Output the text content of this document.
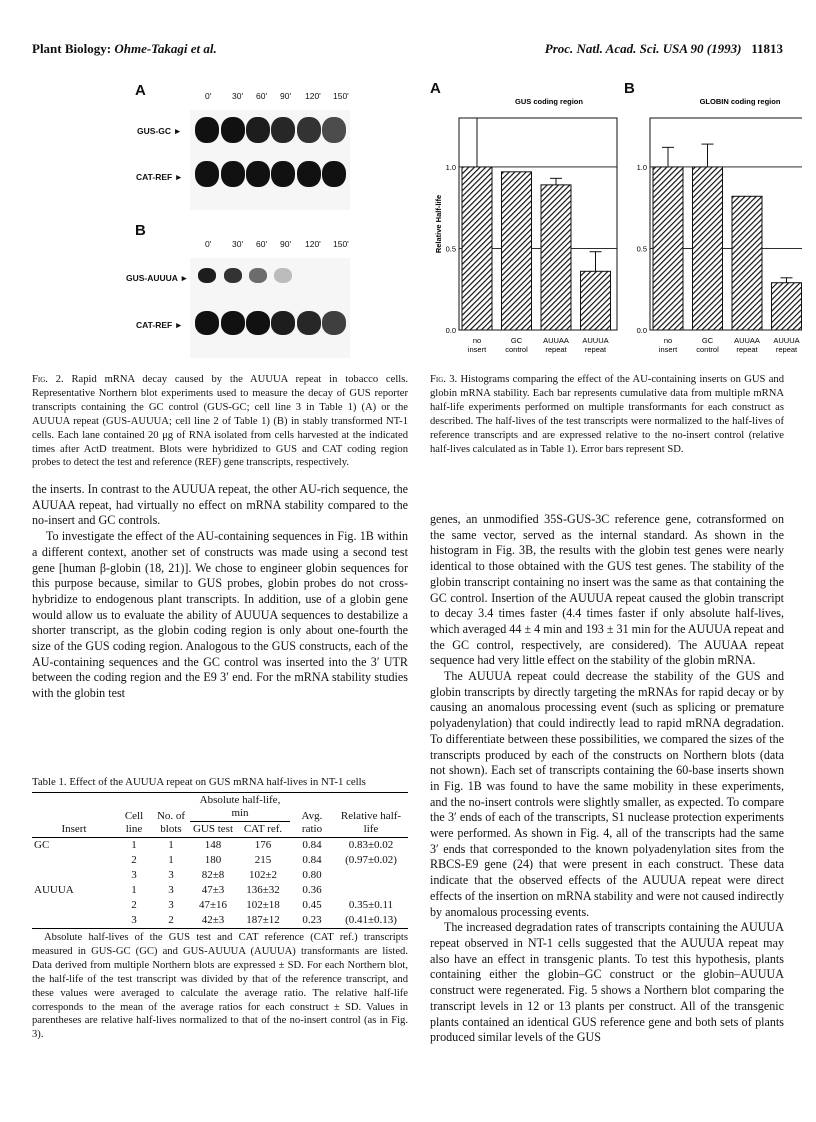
Plant Biology: Ohme-Takagi et al.	Proc. Natl. Acad. Sci. USA 90 (1993) 11813
A	0' 30' 60' 90' 120' 150'
GUS-GC ►
CAT-REF ►
B
0' 30' 60' 90' 120' 150'
GUS-AUUUA ►
CAT-REF ►
Fig. 2. Rapid mRNA decay caused by the AUUUA repeat in tobacco cells. Representative Northern blot experiments used to measure the decay of GUS reporter transcripts containing the GC control (GUS-GC; cell line 3 in Table 1) (A) or the AUUUA repeat (GUS-AUUUA; cell line 2 of Table 1) (B) in stably transformed NT-1 cells. Each lane contained 20 μg of RNA isolated from cells harvested at the indicated times after ActD treatment. Blots were hybridized to GUS and CAT coding region probes to detect the test and reference (REF) gene transcripts, respectively.

the inserts. In contrast to the AUUUA repeat, the other AU-rich sequence, the AUUAA repeat, had virtually no effect on mRNA stability compared to the no-insert and GC controls.

To investigate the effect of the AU-containing sequences in Fig. 1B within a different context, another set of constructs was made using a second test gene [human β-globin (18, 21)]. We chose to engineer globin sequences for this purpose because, similar to GUS probes, globin probes do not cross-hybridize to endogenous plant transcripts. In addition, use of a globin gene would allow us to evaluate the ability of AUUUA sequences to destabilize a shorter transcript, as the globin coding region is only about one-fourth the size of the GUS coding region. Analogous to the GUS constructs, each of the AU-containing sequences and the GC control was inserted into the 3′ UTR between the coding region and the E9 3′ end. For the mRNA stability studies with the globin test

Table 1. Effect of the AUUUA repeat on GUS mRNA half-lives in NT-1 cells
Insert	Cell line	No. of blots	Absolute half-life, min		Avg. ratio	Relative half-life
			GUS test	CAT ref.		
GC	1	1	148	176	0.84	0.83±0.02
	2	1	180	215	0.84	(0.97±0.02)
	3	3	82±8	102±2	0.80	
AUUUA	1	3	47±3	136±32	0.36	
	2	3	47±16	102±18	0.45	0.35±0.11
	3	2	42±3	187±12	0.23	(0.41±0.13)
Absolute half-lives of the GUS test and CAT reference (CAT ref.) transcripts measured in GUS-GC (GC) and GUS-AUUUA (AUUUA) transformants are listed. Data derived from multiple Northern blots are expressed ± SD. For each Northern blot, the half-life of the test transcript was divided by that of the reference transcript, and these values were averaged to calculate the average ratio. The relative half-life corresponds to the mean of the average ratios for each construct ± SD. Values in parentheses are relative half-lives normalized to that of the no-insert control (as in Fig. 3).
A	B
GUS coding region
0.0
0.5
1.0
Relative Half-life
no
insert
GC
control
AUUAA
repeat
AUUUA
repeat
GLOBIN coding region
0.0
0.5
1.0
no
insert
GC
control
AUUAA
repeat
AUUUA
repeat
Fig. 3. Histograms comparing the effect of the AU-containing inserts on GUS and globin mRNA stability. Each bar represents cumulative data from multiple mRNA half-life experiments performed on multiple transformants for each construct as described. The half-lives of the test transcripts were normalized to the half-lives of reference transcripts and are expressed relative to the no-insert control (relative half-lives calculated as in Table 1). Error bars represent SD.

genes, an unmodified 35S-GUS-3C reference gene, cotransformed on the same vector, served as the internal standard. As shown in the histogram in Fig. 3B, the results with the globin test genes were nearly identical to those obtained with the GUS test genes. The stability of the globin transcript containing no insert was the same as that containing the GC control. Insertion of the AUUUA repeat caused the globin transcript to decay 3.4 times faster (4.4 times faster if only absolute half-lives, which averaged 44 ± 4 min and 193 ± 31 min for the AUUUA repeat and the GC control, respectively, are considered). The AUUAA repeat sequence had very little effect on the stability of the globin mRNA.

The AUUUA repeat could decrease the stability of the GUS and globin transcripts by directly targeting the mRNAs for rapid decay or by causing an anomalous processing event (such as splicing or premature polyadenylation) that could indirectly lead to rapid mRNA degradation. To differentiate between these possibilities, we compared the sizes of the transcripts produced by each of the constructs on Northern blots (data not shown). Each set of transcripts containing the 60-base inserts shown in Fig. 1B was found to have the same mobility in these experiments, and the no-insert controls were slightly smaller, as expected. To compare the 3′ ends of each of the transcripts, S1 nuclease protection experiments were performed. As shown in Fig. 4, all of the transcripts had the same 3′ ends that corresponded to the known polyadenylation sites from the RBCS-E9 gene (24) that were present in each construct. These data indicate that the observed effects of the AUUUA repeat were direct effects of the insertion on mRNA stability and were not caused indirectly by anomalous processing events.

The increased degradation rates of transcripts containing the AUUUA repeat observed in NT-1 cells suggested that the AUUUA repeat may also have an effect in transgenic plants. To test this hypothesis, plants containing either the globin–GC construct or the globin–AUUUA construct were regenerated. Fig. 5 shows a Northern blot comparing the transcript levels in 12 or 13 plants per construct. All of the transgenic plants contained an identical GUS reference gene and both sets of plants produced similar levels of the GUS
